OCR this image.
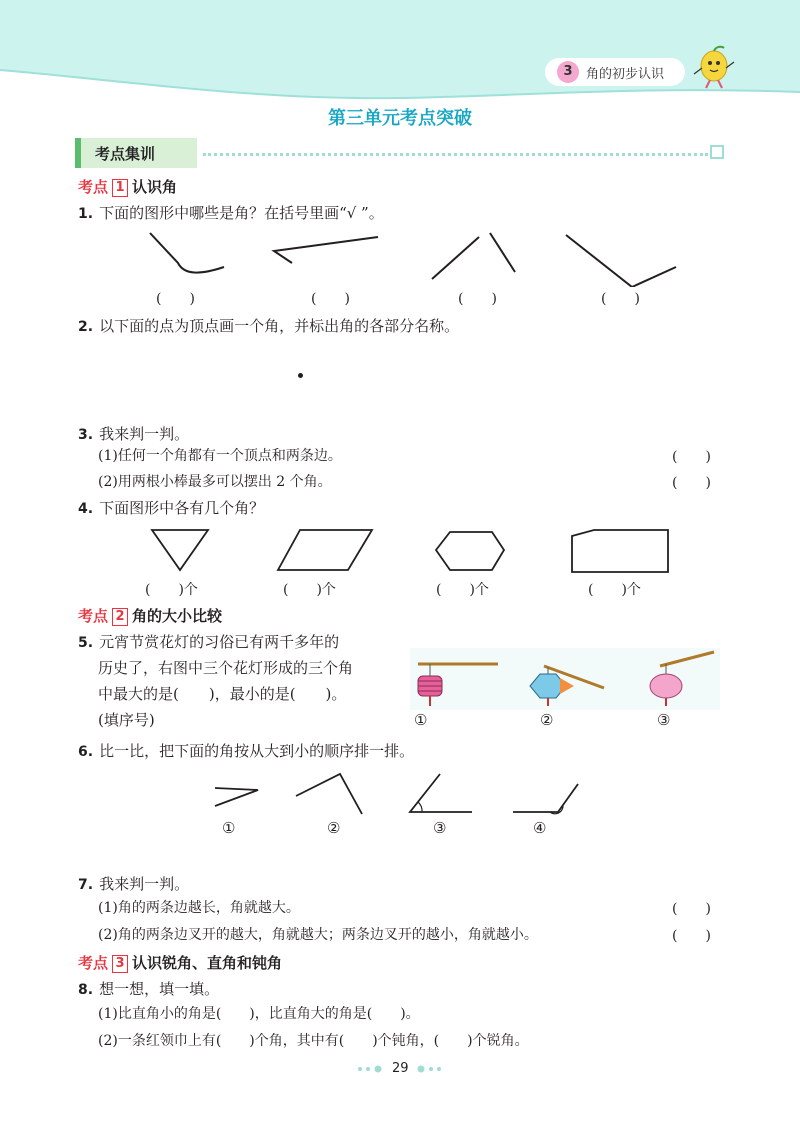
3	角的初步认识
第三单元考点突破
考点集训
考点 1 认识角
1. 下面的图形中哪些是角？在括号里画“√ ”。
(　　)	(　　)	(　　)	(　　)
2. 以下面的点为顶点画一个角，并标出角的各部分名称。
3. 我来判一判。
(1)任何一个角都有一个顶点和两条边。	(　　)
(2)用两根小棒最多可以摆出 2 个角。	(　　)
4. 下面图形中各有几个角？
(　　)个	(　　)个	(　　)个	(　　)个
考点 2 角的大小比较
5. 元宵节赏花灯的习俗已有两千多年的
历史了，右图中三个花灯形成的三个角
中最大的是(　　)，最小的是(　　)。
(填序号)	①	②	③
6. 比一比，把下面的角按从大到小的顺序排一排。
①	②	③	④
7. 我来判一判。
(1)角的两条边越长，角就越大。	(　　)
(2)角的两条边叉开的越大，角就越大；两条边叉开的越小，角就越小。	(　　)
考点 3 认识锐角、直角和钝角
8. 想一想，填一填。
(1)比直角小的角是(　　)，比直角大的角是(　　)。
(2)一条红领巾上有(　　)个角，其中有(　　)个钝角，(　　)个锐角。
29
